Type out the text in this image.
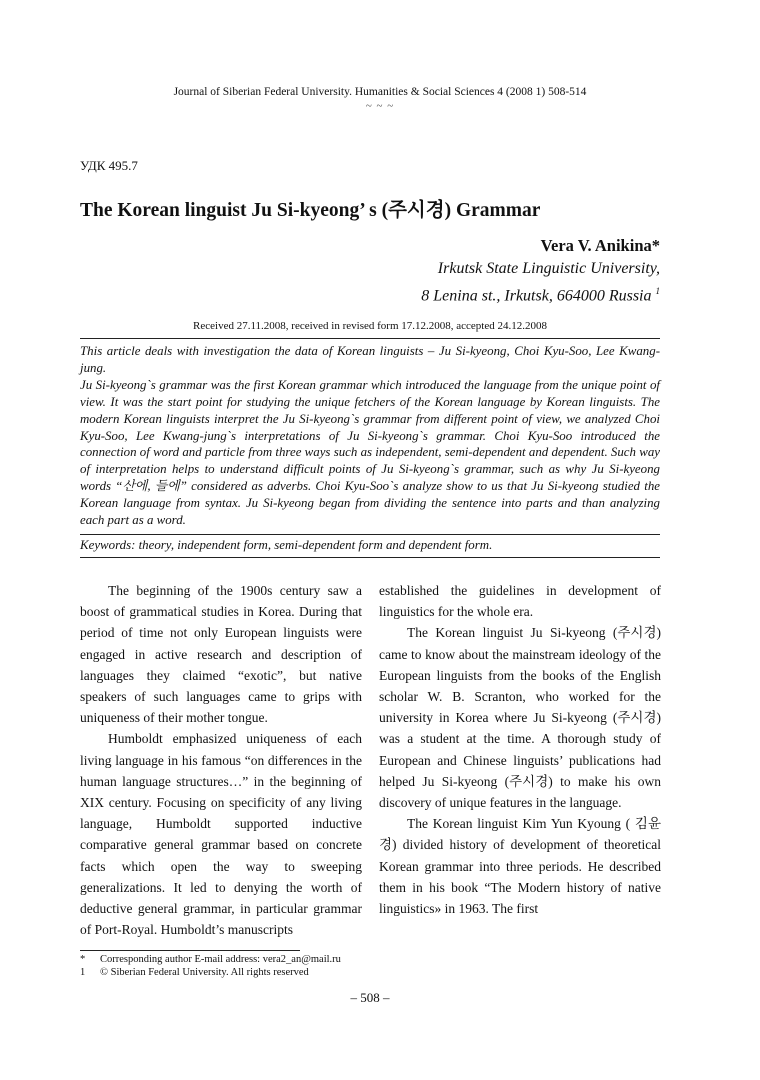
Journal of Siberian Federal University. Humanities & Social Sciences 4 (2008 1) 508-514
~ ~ ~
УДК 495.7
The Korean linguist Ju Si-kyeong’ s (주시경) Grammar
Vera V. Anikina*
Irkutsk State Linguistic University,
8 Lenina st., Irkutsk, 664000 Russia $^1$
Received 27.11.2008, received in revised form 17.12.2008, accepted 24.12.2008

This article deals with investigation the data of Korean linguists – Ju Si-kyeong, Choi Kyu-Soo, Lee Kwang-jung.

Ju Si-kyeong`s grammar was the first Korean grammar which introduced the language from the unique point of view. It was the start point for studying the unique fetchers of the Korean language by Korean linguists. The modern Korean linguists interpret the Ju Si-kyeong`s grammar from different point of view, we analyzed Choi Kyu-Soo, Lee Kwang-jung`s interpretations of Ju Si-kyeong`s grammar. Choi Kyu-Soo introduced the connection of word and particle from three ways such as independent, semi-dependent and dependent. Such way of interpretation helps to understand difficult points of Ju Si-kyeong`s grammar, such as why Ju Si-kyeong words “산에, 들에” considered as adverbs. Choi Kyu-Soo`s analyze show to us that Ju Si-kyeong studied the Korean language from syntax. Ju Si-kyeong began from dividing the sentence into parts and than analyzing each part as a word.

Keywords: theory, independent form, semi-dependent form and dependent form.

The beginning of the 1900s century saw a boost of grammatical studies in Korea. During that period of time not only European linguists were engaged in active research and description of languages they claimed “exotic”, but native speakers of such languages came to grips with uniqueness of their mother tongue.

Humboldt emphasized uniqueness of each living language in his famous “on differences in the human language structures…” in the beginning of XIX century. Focusing on specificity of any living language, Humboldt supported inductive comparative general grammar based on concrete facts which open the way to sweeping generalizations. It led to denying the worth of deductive general grammar, in particular grammar of Port-Royal. Humboldt’s manuscripts

established the guidelines in development of linguistics for the whole era.

The Korean linguist Ju Si-kyeong (주시경) came to know about the mainstream ideology of the European linguists from the books of the English scholar W. B. Scranton, who worked for the university in Korea where Ju Si-kyeong (주시경) was a student at the time. A thorough study of European and Chinese linguists’ publications had helped Ju Si-kyeong (주시경) to make his own discovery of unique features in the language.

The Korean linguist Kim Yun Kyoung ( 김윤경) divided history of development of theoretical Korean grammar into three periods. He described them in his book “The Modern history of native linguistics» in 1963. The first

* Corresponding author E-mail address: vera2_an@mail.ru
1 © Siberian Federal University. All rights reserved
– 508 –
